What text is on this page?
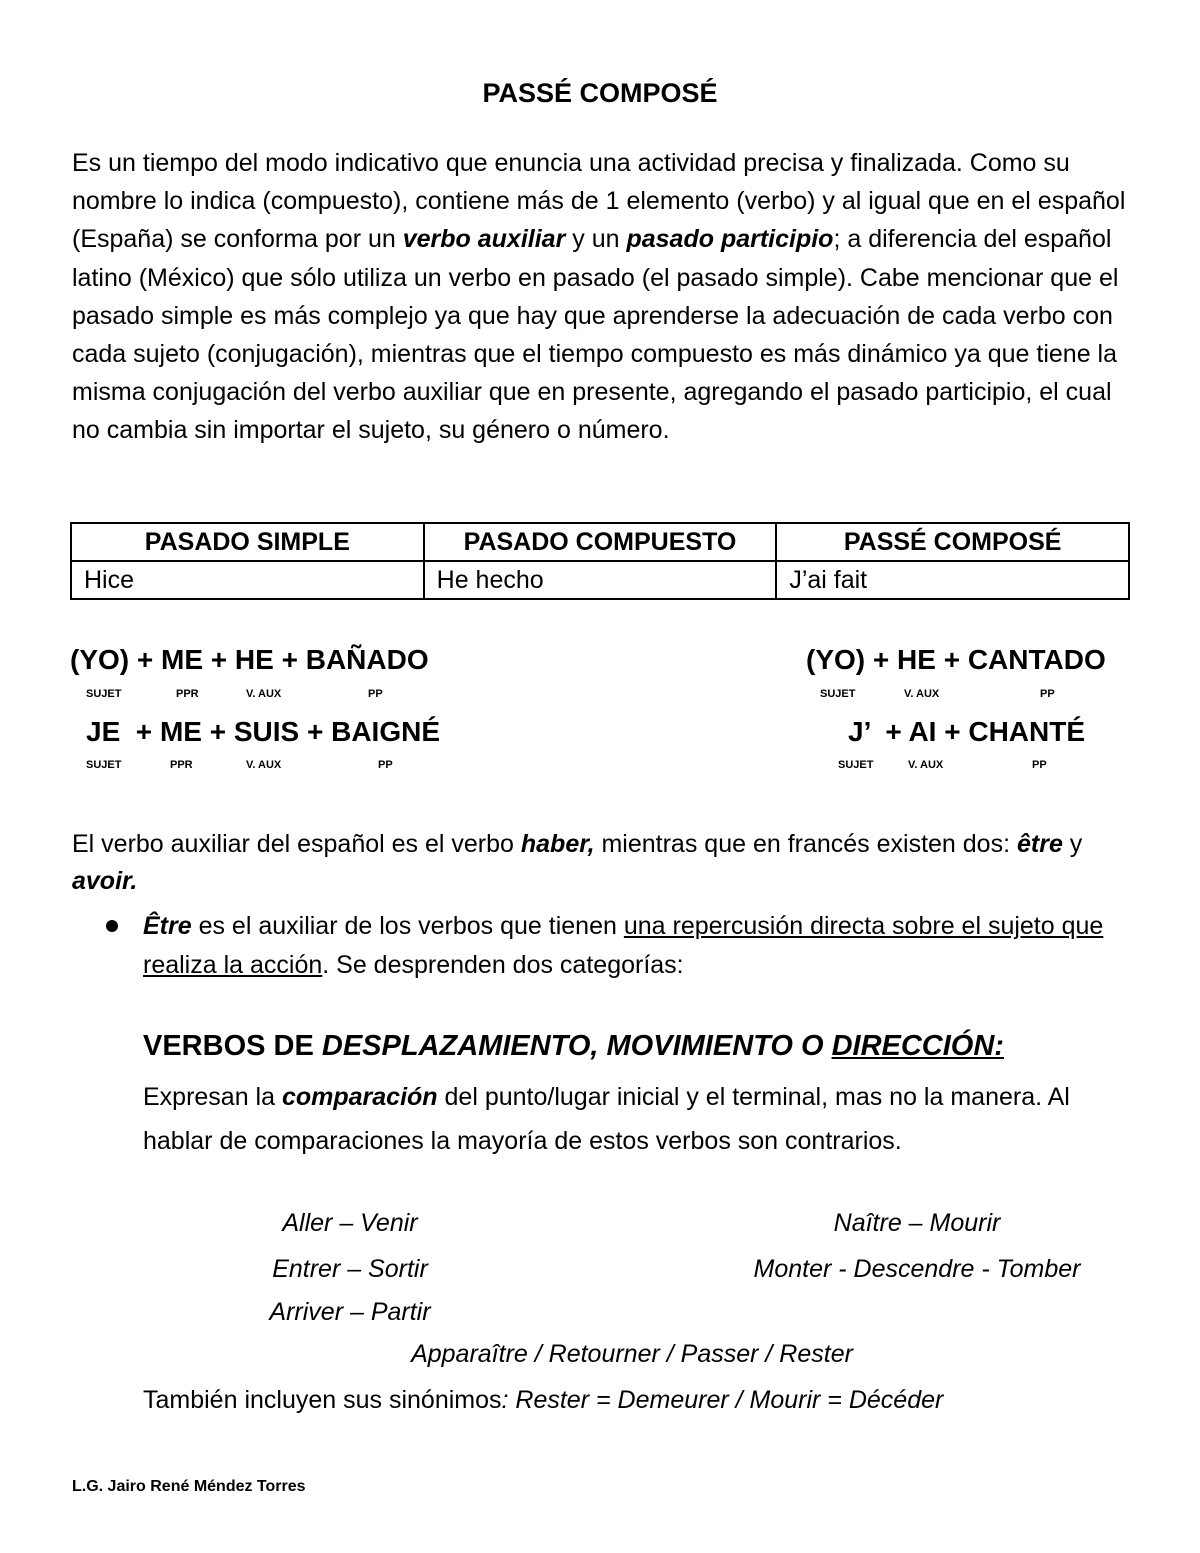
PASSÉ COMPOSÉ
Es un tiempo del modo indicativo que enuncia una actividad precisa y finalizada. Como su nombre lo indica (compuesto), contiene más de 1 elemento (verbo) y al igual que en el español (España) se conforma por un verbo auxiliar y un pasado participio; a diferencia del español latino (México) que sólo utiliza un verbo en pasado (el pasado simple). Cabe mencionar que el pasado simple es más complejo ya que hay que aprenderse la adecuación de cada verbo con cada sujeto (conjugación), mientras que el tiempo compuesto es más dinámico ya que tiene la misma conjugación del verbo auxiliar que en presente, agregando el pasado participio, el cual no cambia sin importar el sujeto, su género o número.
PASADO SIMPLE	PASADO COMPUESTO	PASSÉ COMPOSÉ
Hice	He hecho	J’ai fait
(YO) + ME + HE + BAÑADO
SUJET	PPR	V. AUX	PP
JE  + ME + SUIS + BAIGNÉ
SUJET	PPR	V. AUX	PP
(YO) + HE + CANTADO
SUJET	V. AUX	PP
J’  + AI + CHANTÉ
SUJET	V. AUX	PP
El verbo auxiliar del español es el verbo haber, mientras que en francés existen dos: être y avoir.
Être es el auxiliar de los verbos que tienen una repercusión directa sobre el sujeto que realiza la acción. Se desprenden dos categorías:
VERBOS DE DESPLAZAMIENTO, MOVIMIENTO O DIRECCIÓN:
Expresan la comparación del punto/lugar inicial y el terminal, mas no la manera. Al hablar de comparaciones la mayoría de estos verbos son contrarios.
Aller – Venir
Entrer – Sortir
Arriver – Partir
Naître – Mourir
Monter - Descendre - Tomber
Apparaître / Retourner / Passer / Rester
También incluyen sus sinónimos: Rester = Demeurer / Mourir = Décéder
L.G. Jairo René Méndez Torres
